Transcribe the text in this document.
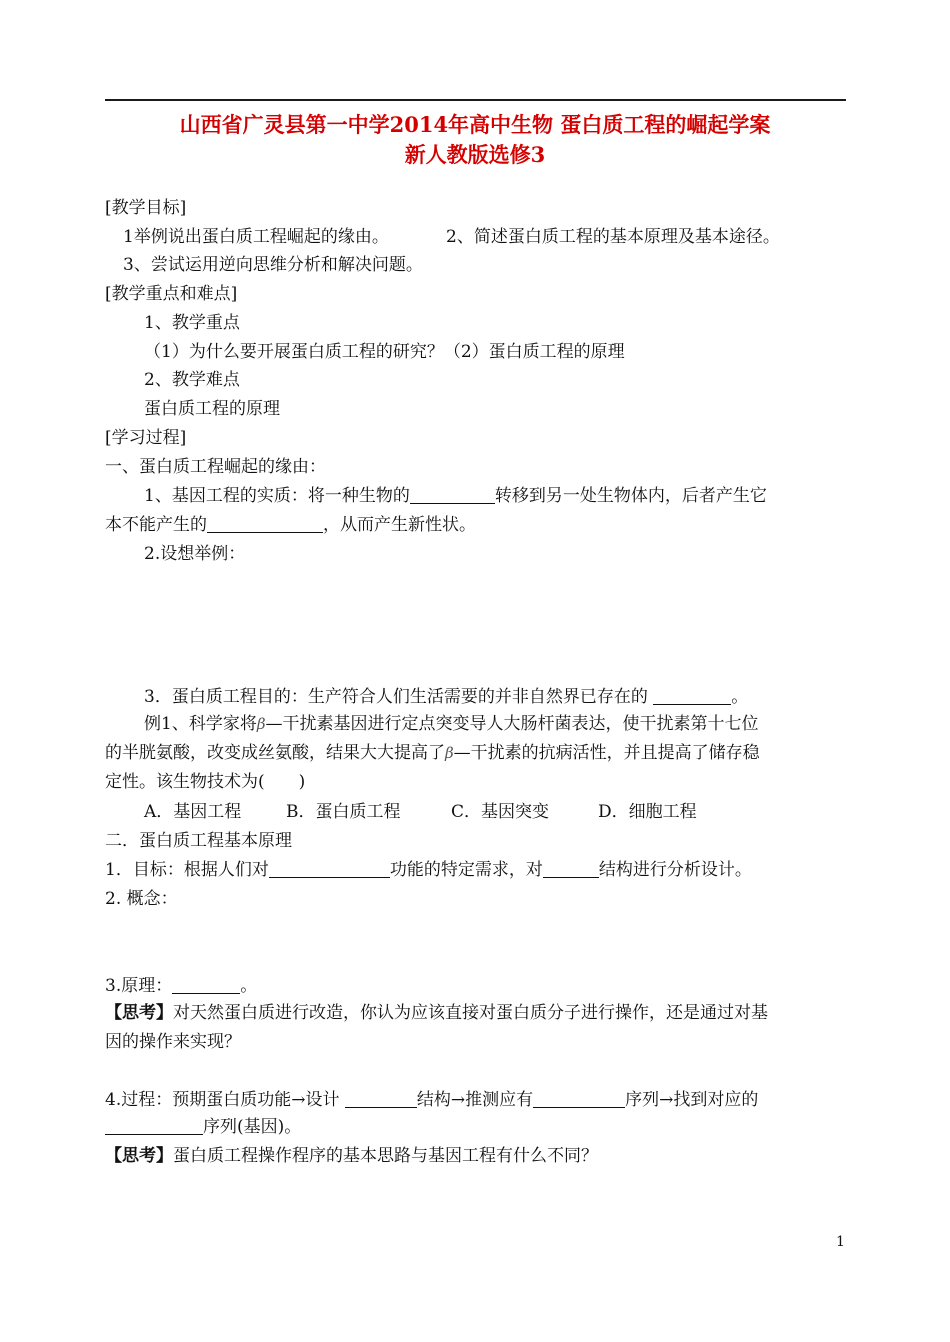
山西省广灵县第一中学2014年高中生物 蛋白质工程的崛起学案
新人教版选修3
[教学目标]
1举例说出蛋白质工程崛起的缘由。	2、简述蛋白质工程的基本原理及基本途径。
3、尝试运用逆向思维分析和解决问题。
[教学重点和难点]
1、教学重点
（1）为什么要开展蛋白质工程的研究？（2）蛋白质工程的原理
2、教学难点
蛋白质工程的原理
[学习过程]
一、蛋白质工程崛起的缘由：
1、基因工程的实质：将一种生物的	转移到另一处生物体内，后者产生它
本不能产生的	，从而产生新性状。
2.设想举例：
3．蛋白质工程目的：生产符合人们生活需要的并非自然界已存在的	。
例1、科学家将β—干扰素基因进行定点突变导人大肠杆菌表达，使干扰素第十七位
的半胱氨酸，改变成丝氨酸，结果大大提高了β—干扰素的抗病活性，并且提高了储存稳
定性。该生物技术为(　　)
A．基因工程	B．蛋白质工程	C．基因突变	D．细胞工程
二．蛋白质工程基本原理
1．目标：根据人们对	功能的特定需求，对	结构进行分析设计。
2. 概念：
3.原理：	。
【思考】对天然蛋白质进行改造，你认为应该直接对蛋白质分子进行操作，还是通过对基
因的操作来实现？
4.过程：预期蛋白质功能→设计	结构→推测应有	序列→找到对应的
序列(基因)。
【思考】蛋白质工程操作程序的基本思路与基因工程有什么不同？
1
